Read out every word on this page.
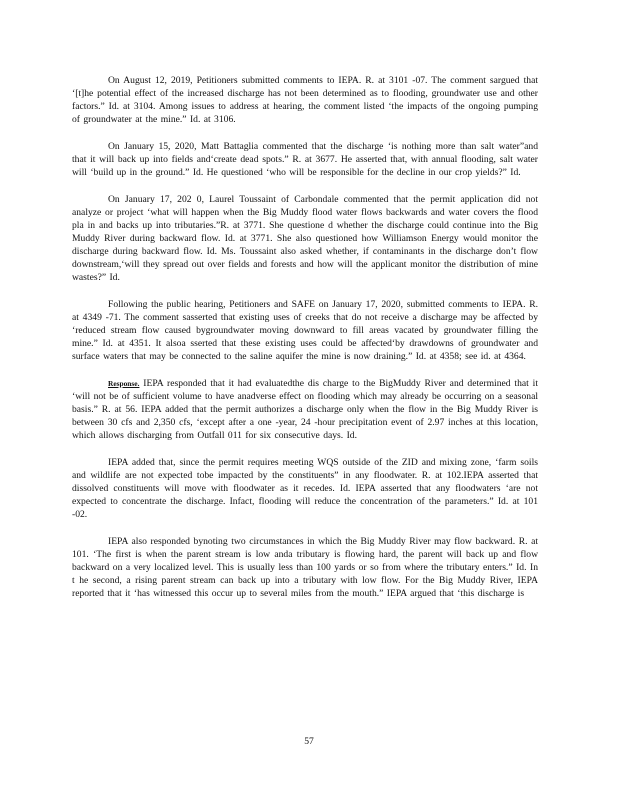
On August 12, 2019, Petitioners submitted comments to IEPA. R. at 3101 -07. The comment sargued that ‘[t]he potential effect of the increased discharge has not been determined as to flooding, groundwater use and other factors.” Id. at 3104. Among issues to address at hearing, the comment listed ‘the impacts of the ongoing pumping of groundwater at the mine.” Id. at 3106.

On January 15, 2020, Matt Battaglia commented that the discharge ‘is nothing more than salt water”and that it will back up into fields and‘create dead spots.” R. at 3677. He asserted that, with annual flooding, salt water will ‘build up in the ground.” Id. He questioned ‘who will be responsible for the decline in our crop yields?” Id.

On January 17, 202 0, Laurel Toussaint of Carbondale commented that the permit application did not analyze or project ‘what will happen when the Big Muddy flood water flows backwards and water covers the flood pla in and backs up into tributaries.”R. at 3771. She questione d whether the discharge could continue into the Big Muddy River during backward flow. Id. at 3771. She also questioned how Williamson Energy would monitor the discharge during backward flow. Id. Ms. Toussaint also asked whether, if contaminants in the discharge don’t flow downstream,‘will they spread out over fields and forests and how will the applicant monitor the distribution of mine wastes?” Id.

Following the public hearing, Petitioners and SAFE on January 17, 2020, submitted comments to IEPA. R. at 4349 -71. The comment sasserted that existing uses of creeks that do not receive a discharge may be affected by ‘reduced stream flow caused bygroundwater moving downward to fill areas vacated by groundwater filling the mine.” Id. at 4351. It alsoa sserted that these existing uses could be affected‘by drawdowns of groundwater and surface waters that may be connected to the saline aquifer the mine is now draining.” Id. at 4358; see id. at 4364.

Response. IEPA responded that it had evaluatedthe dis charge to the BigMuddy River and determined that it ‘will not be of sufficient volume to have anadverse effect on flooding which may already be occurring on a seasonal basis.” R. at 56. IEPA added that the permit authorizes a discharge only when the flow in the Big Muddy River is between 30 cfs and 2,350 cfs, ‘except after a one -year, 24 -hour precipitation event of 2.97 inches at this location, which allows discharging from Outfall 011 for six consecutive days. Id.

IEPA added that, since the permit requires meeting WQS outside of the ZID and mixing zone, ‘farm soils and wildlife are not expected tobe impacted by the constituents” in any floodwater. R. at 102.IEPA asserted that dissolved constituents will move with floodwater as it recedes. Id. IEPA asserted that any floodwaters ‘are not expected to concentrate the discharge. Infact, flooding will reduce the concentration of the parameters.” Id. at 101 -02.

IEPA also responded bynoting two circumstances in which the Big Muddy River may flow backward. R. at 101. ‘The first is when the parent stream is low anda tributary is flowing hard, the parent will back up and flow backward on a very localized level. This is usually less than 100 yards or so from where the tributary enters.” Id. In t he second, a rising parent stream can back up into a tributary with low flow. For the Big Muddy River, IEPA reported that it ‘has witnessed this occur up to several miles from the mouth.” IEPA argued that ‘this discharge is

57
